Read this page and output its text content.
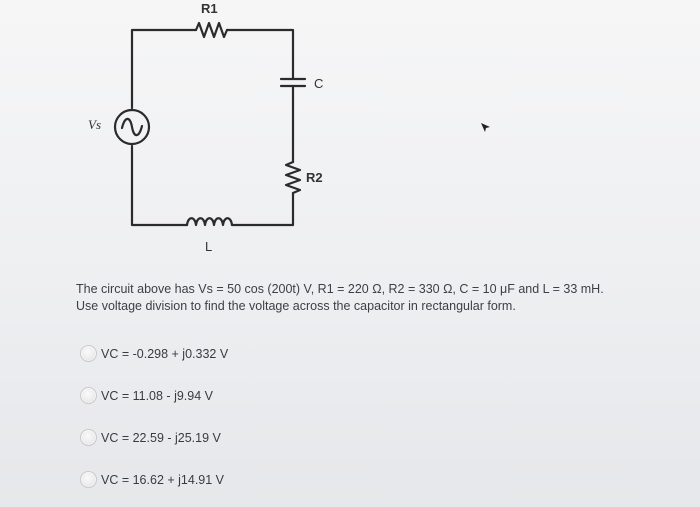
R1
C
Vs
R2
L

The circuit above has Vs = 50 cos (200t) V, R1 = 220 Ω, R2 = 330 Ω, C = 10 μF and L = 33 mH.

Use voltage division to find the voltage across the capacitor in rectangular form.

VC = -0.298 + j0.332 V
VC = 11.08 - j9.94 V
VC = 22.59 - j25.19 V
VC = 16.62 + j14.91 V
